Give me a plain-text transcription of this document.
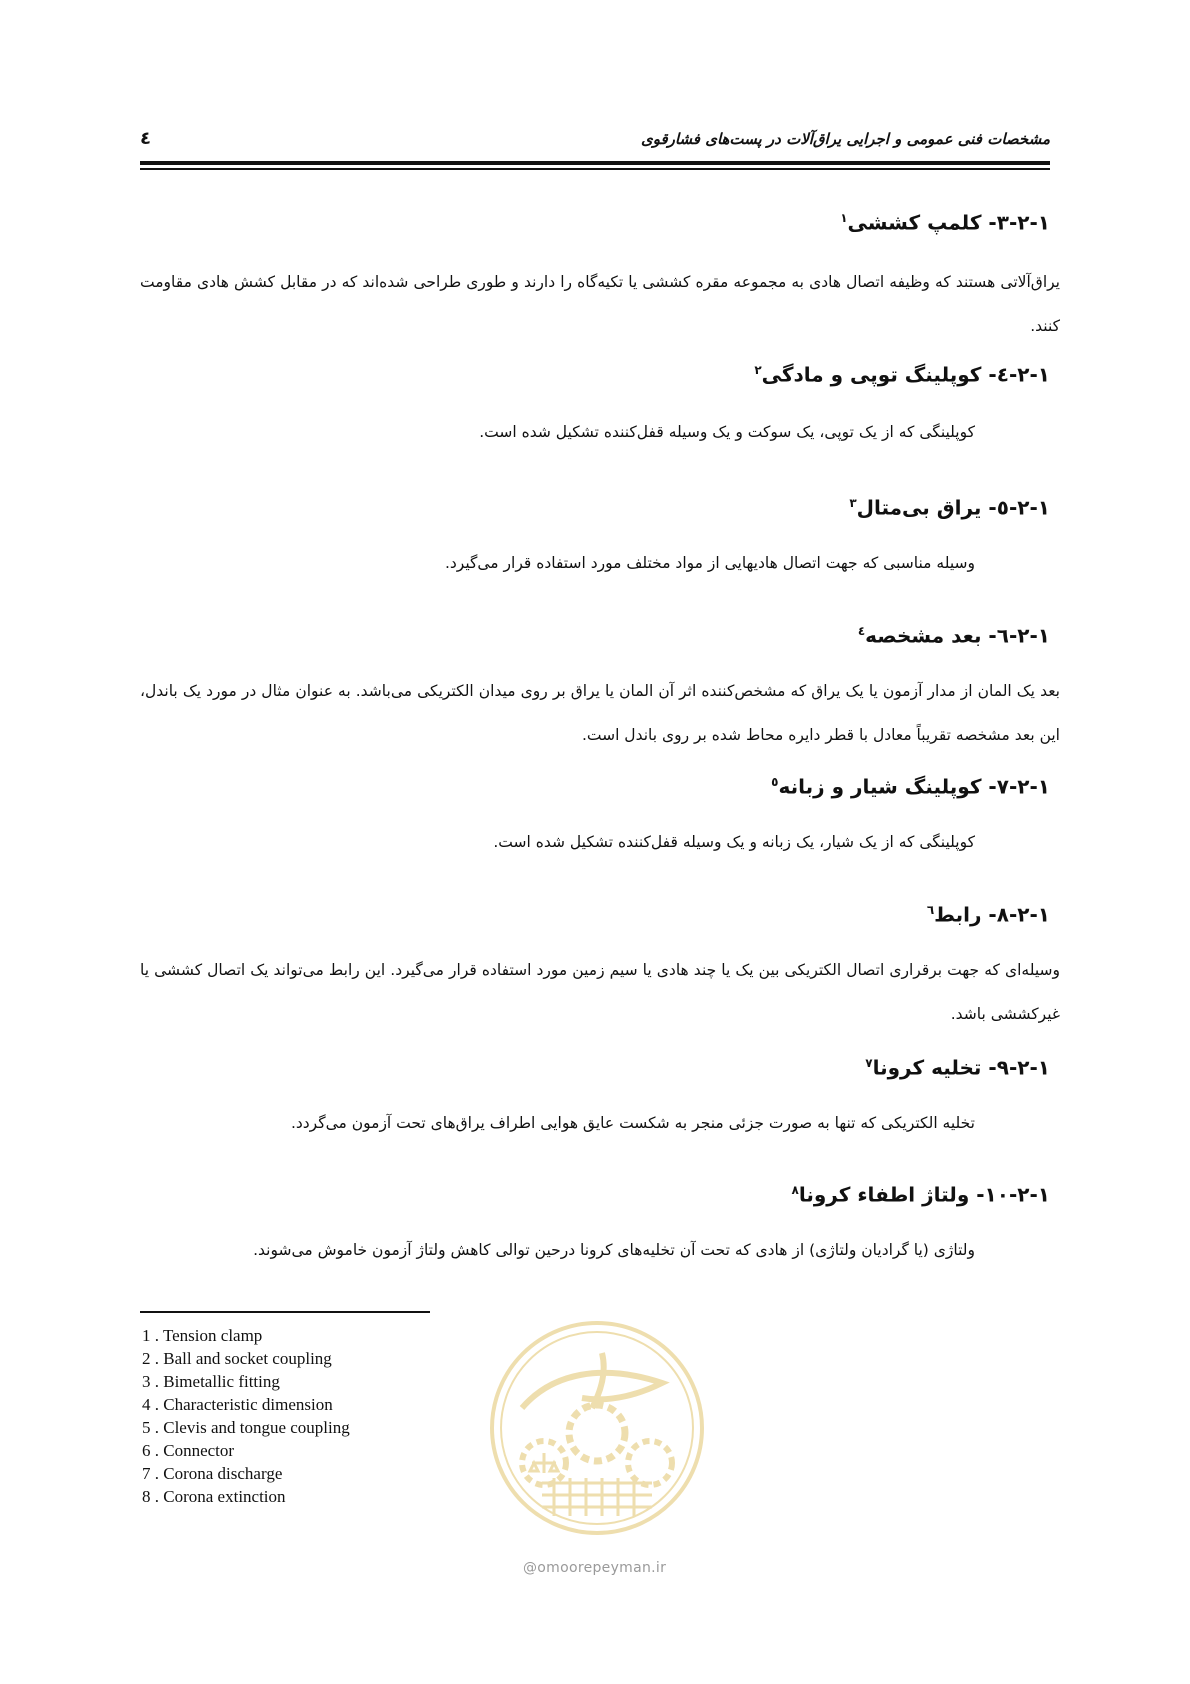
مشخصات فنی عمومی و اجرایی یراق‌آلات در پست‌های فشارقوی
٤
١-٢-٣- کلمپ کششی$^١$

یراق‌آلاتی هستند که وظیفه اتصال هادی به مجموعه مقره کششی یا تکیه‌گاه را دارند و طوری طراحی شده‌اند که در مقابل کشش هادی مقاومت کنند.

١-٢-٤- کوپلینگ توپی و مادگی$^٢$

کوپلینگی که از یک توپی، یک سوکت و یک وسیله قفل‌کننده تشکیل شده است.

١-٢-٥- یراق بی‌متال$^٣$

وسیله مناسبی که جهت اتصال هادیهایی از مواد مختلف مورد استفاده قرار می‌گیرد.

١-٢-٦- بعد مشخصه$^٤$

بعد یک المان از مدار آزمون یا یک یراق که مشخص‌کننده اثر آن المان یا یراق بر روی میدان الکتریکی می‌باشد. به عنوان مثال در مورد یک باندل، این بعد مشخصه تقریباً معادل با قطر دایره محاط شده بر روی باندل است.

١-٢-٧- کوپلینگ شیار و زبانه$^٥$

کوپلینگی که از یک شیار، یک زبانه و یک وسیله قفل‌کننده تشکیل شده است.

١-٢-٨- رابط$^٦$

وسیله‌ای که جهت برقراری اتصال الکتریکی بین یک یا چند هادی یا سیم زمین مورد استفاده قرار می‌گیرد. این رابط می‌تواند یک اتصال کششی یا غیرکششی باشد.

١-٢-٩- تخلیه کرونا$^٧$

تخلیه الکتریکی که تنها به صورت جزئی منجر به شکست عایق هوایی اطراف یراق‌های تحت آزمون می‌گردد.

١-٢-١٠- ولتاژ اطفاء کرونا$^٨$

ولتاژی (یا گرادیان ولتاژی) از هادی که تحت آن تخلیه‌های کرونا درحین توالی کاهش ولتاژ آزمون خاموش می‌شوند.

1 . Tension clamp
2 . Ball and socket coupling
3 . Bimetallic fitting
4 . Characteristic dimension
5 . Clevis and tongue coupling
6 . Connector
7 . Corona discharge
8 . Corona extinction
@omoorepeyman.ir
